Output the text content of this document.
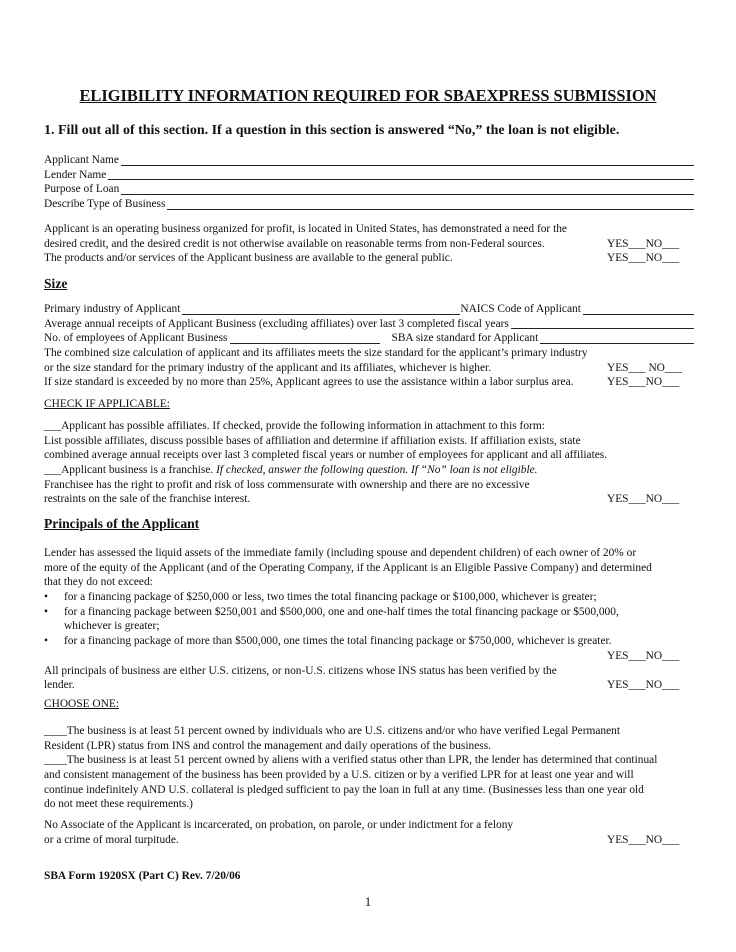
ELIGIBILITY INFORMATION REQUIRED FOR SBAEXPRESS SUBMISSION
1. Fill out all of this section. If a question in this section is answered “No,” the loan is not eligible.
Applicant Name
Lender Name
Purpose of Loan
Describe Type of Business
Applicant is an operating business organized for profit, is located in United States, has demonstrated a need for the
desired credit, and the desired credit is not otherwise available on reasonable terms from non-Federal sources.	YES___NO___
The products and/or services of the Applicant business are available to the general public.	YES___NO___
Size
Primary industry of Applicant	NAICS Code of Applicant
Average annual receipts of Applicant Business (excluding affiliates) over last 3 completed fiscal years
No. of employees of Applicant Business	SBA size standard for Applicant
The combined size calculation of applicant and its affiliates meets the size standard for the applicant’s primary industry
or the size standard for the primary industry of the applicant and its affiliates, whichever is higher.	YES___ NO___
If size standard is exceeded by no more than 25%, Applicant agrees to use the assistance within a labor surplus area.	YES___NO___
CHECK IF APPLICABLE:
___Applicant has possible affiliates. If checked, provide the following information in attachment to this form:
List possible affiliates, discuss possible bases of affiliation and determine if affiliation exists. If affiliation exists, state
combined average annual receipts over last 3 completed fiscal years or number of employees for applicant and all affiliates.
___Applicant business is a franchise. If checked, answer the following question. If “No” loan is not eligible.
Franchisee has the right to profit and risk of loss commensurate with ownership and there are no excessive
restraints on the sale of the franchise interest.	YES___NO___
Principals of the Applicant
Lender has assessed the liquid assets of the immediate family (including spouse and dependent children) of each owner of 20% or
more of the equity of the Applicant (and of the Operating Company, if the Applicant is an Eligible Passive Company) and determined
that they do not exceed:
•	for a financing package of $250,000 or less, two times the total financing package or $100,000, whichever is greater;
•	for a financing package between $250,001 and $500,000, one and one-half times the total financing package or $500,000,
whichever is greater;
•	for a financing package of more than $500,000, one times the total financing package or $750,000, whichever is greater.
YES___NO___
All principals of business are either U.S. citizens, or non-U.S. citizens whose INS status has been verified by the
lender.	YES___NO___
CHOOSE ONE:
____The business is at least 51 percent owned by individuals who are U.S. citizens and/or who have verified Legal Permanent
Resident (LPR) status from INS and control the management and daily operations of the business.
____The business is at least 51 percent owned by aliens with a verified status other than LPR, the lender has determined that continual
and consistent management of the business has been provided by a U.S. citizen or by a verified LPR for at least one year and will
continue indefinitely AND U.S. collateral is pledged sufficient to pay the loan in full at any time. (Businesses less than one year old
do not meet these requirements.)
No Associate of the Applicant is incarcerated, on probation, on parole, or under indictment for a felony
or a crime of moral turpitude.	YES___NO___
SBA Form 1920SX (Part C) Rev. 7/20/06
1
